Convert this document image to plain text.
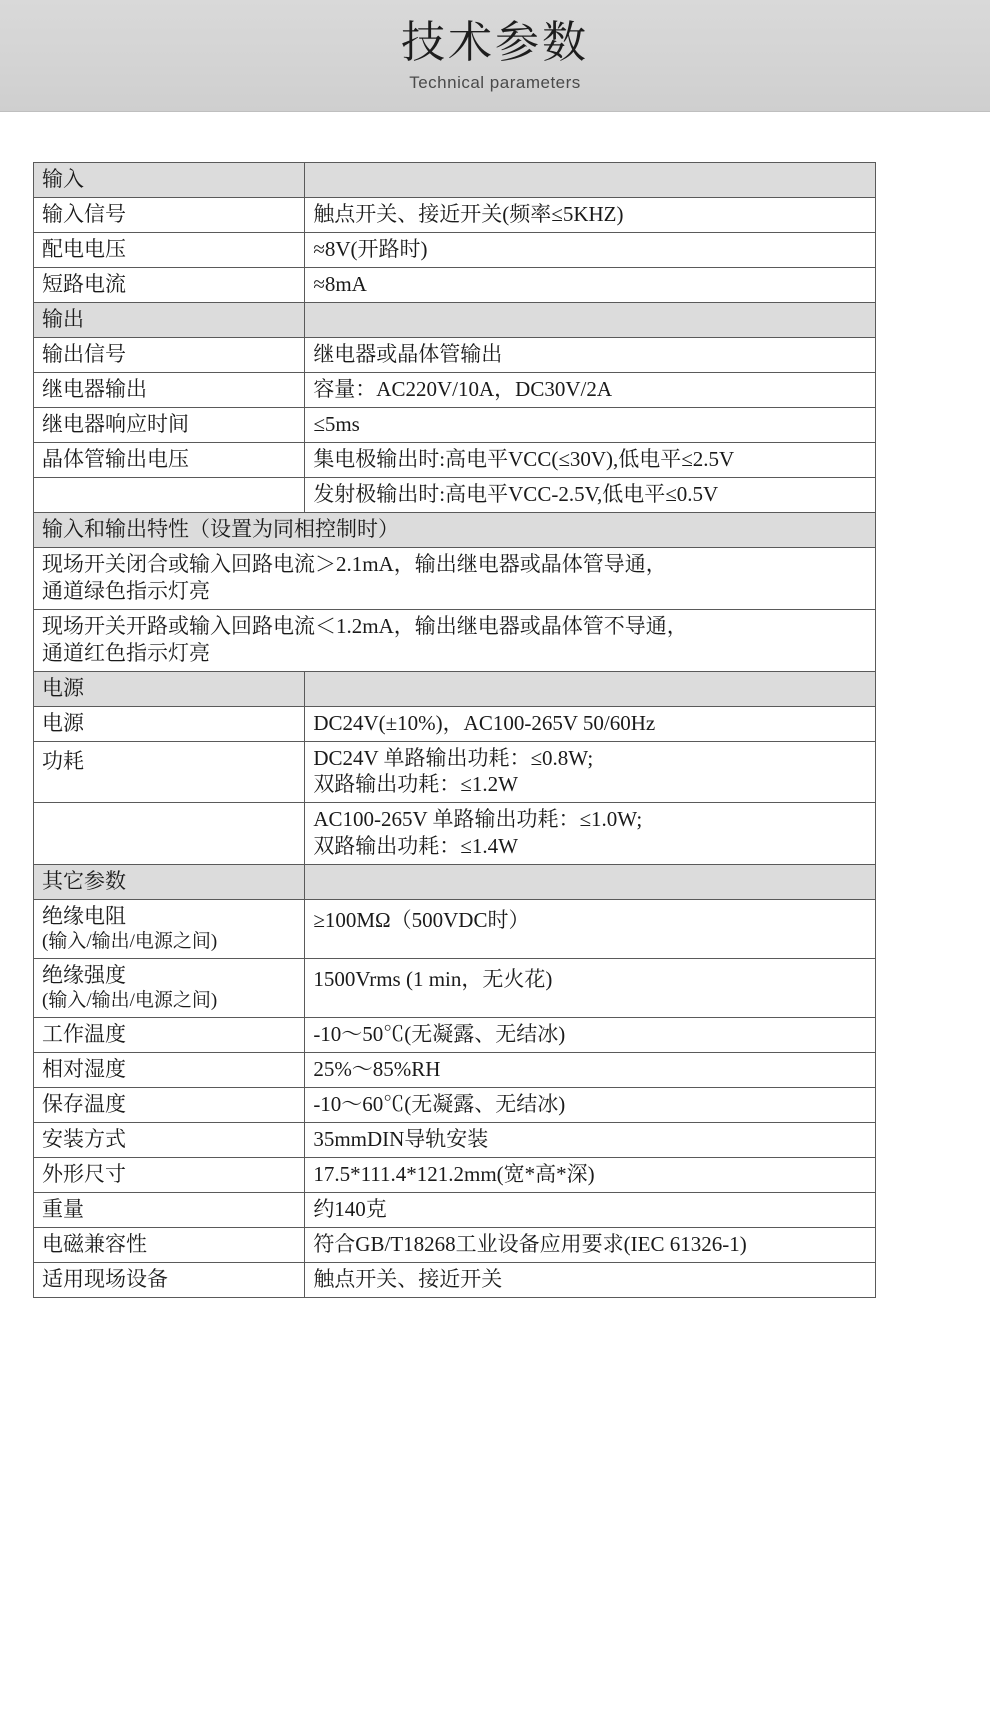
技术参数
Technical parameters
输入	
输入信号	触点开关、接近开关(频率≤5KHZ)
配电电压	≈8V(开路时)
短路电流	≈8mA
输出	
输出信号	继电器或晶体管输出
继电器输出	容量：AC220V/10A，DC30V/2A
继电器响应时间	≤5ms
晶体管输出电压	集电极输出时:高电平VCC(≤30V),低电平≤2.5V
	发射极输出时:高电平VCC-2.5V,低电平≤0.5V
输入和输出特性（设置为同相控制时）	

现场开关闭合或输入回路电流＞2.1mA，输出继电器或晶体管导通，
通道绿色指示灯亮	

现场开关开路或输入回路电流＜1.2mA，输出继电器或晶体管不导通，
通道红色指示灯亮	

电源	
电源	DC24V(±10%)，AC100-265V 50/60Hz
功耗	DC24V 单路输出功耗：≤0.8W;
双路输出功耗：≤1.2W

	AC100-265V 单路输出功耗：≤1.0W;
双路输出功耗：≤1.4W

其它参数	

绝缘电阻
(输入/输出/电源之间)	≥100MΩ（500VDC时）

绝缘强度
(输入/输出/电源之间)	1500Vrms (1 min，无火花)
工作温度	-10～50℃(无凝露、无结冰)
相对湿度	25%～85%RH
保存温度	-10～60℃(无凝露、无结冰)
安装方式	35mmDIN导轨安装
外形尺寸	17.5*111.4*121.2mm(宽*高*深)
重量	约140克
电磁兼容性	符合GB/T18268工业设备应用要求(IEC 61326-1)
适用现场设备	触点开关、接近开关
